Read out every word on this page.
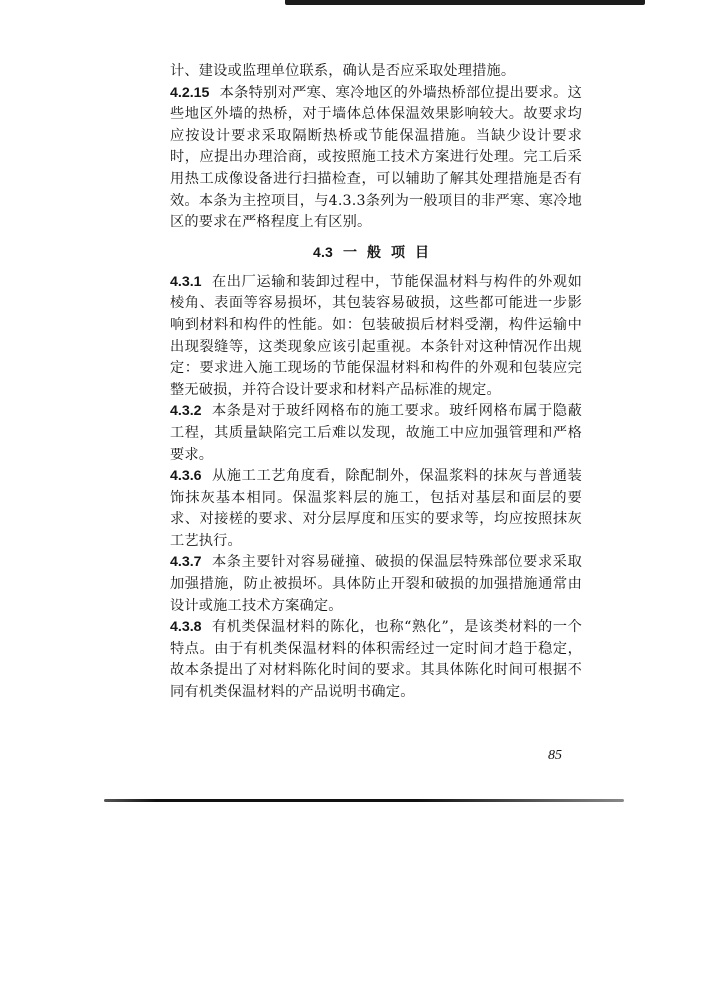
计、建设或监理单位联系，确认是否应采取处理措施。

4.2.15 本条特别对严寒、寒冷地区的外墙热桥部位提出要求。这些地区外墙的热桥，对于墙体总体保温效果影响较大。故要求均应按设计要求采取隔断热桥或节能保温措施。当缺少设计要求时，应提出办理洽商，或按照施工技术方案进行处理。完工后采用热工成像设备进行扫描检查，可以辅助了解其处理措施是否有效。本条为主控项目，与4.3.3条列为一般项目的非严寒、寒冷地区的要求在严格程度上有区别。

4.3 一般项目

4.3.1 在出厂运输和装卸过程中，节能保温材料与构件的外观如棱角、表面等容易损坏，其包装容易破损，这些都可能进一步影响到材料和构件的性能。如：包装破损后材料受潮，构件运输中出现裂缝等，这类现象应该引起重视。本条针对这种情况作出规定：要求进入施工现场的节能保温材料和构件的外观和包装应完整无破损，并符合设计要求和材料产品标准的规定。

4.3.2 本条是对于玻纤网格布的施工要求。玻纤网格布属于隐蔽工程，其质量缺陷完工后难以发现，故施工中应加强管理和严格要求。

4.3.6 从施工工艺角度看，除配制外，保温浆料的抹灰与普通装饰抹灰基本相同。保温浆料层的施工，包括对基层和面层的要求、对接槎的要求、对分层厚度和压实的要求等，均应按照抹灰工艺执行。

4.3.7 本条主要针对容易碰撞、破损的保温层特殊部位要求采取加强措施，防止被损坏。具体防止开裂和破损的加强措施通常由设计或施工技术方案确定。

4.3.8 有机类保温材料的陈化，也称“熟化”，是该类材料的一个特点。由于有机类保温材料的体积需经过一定时间才趋于稳定，故本条提出了对材料陈化时间的要求。其具体陈化时间可根据不同有机类保温材料的产品说明书确定。

85
